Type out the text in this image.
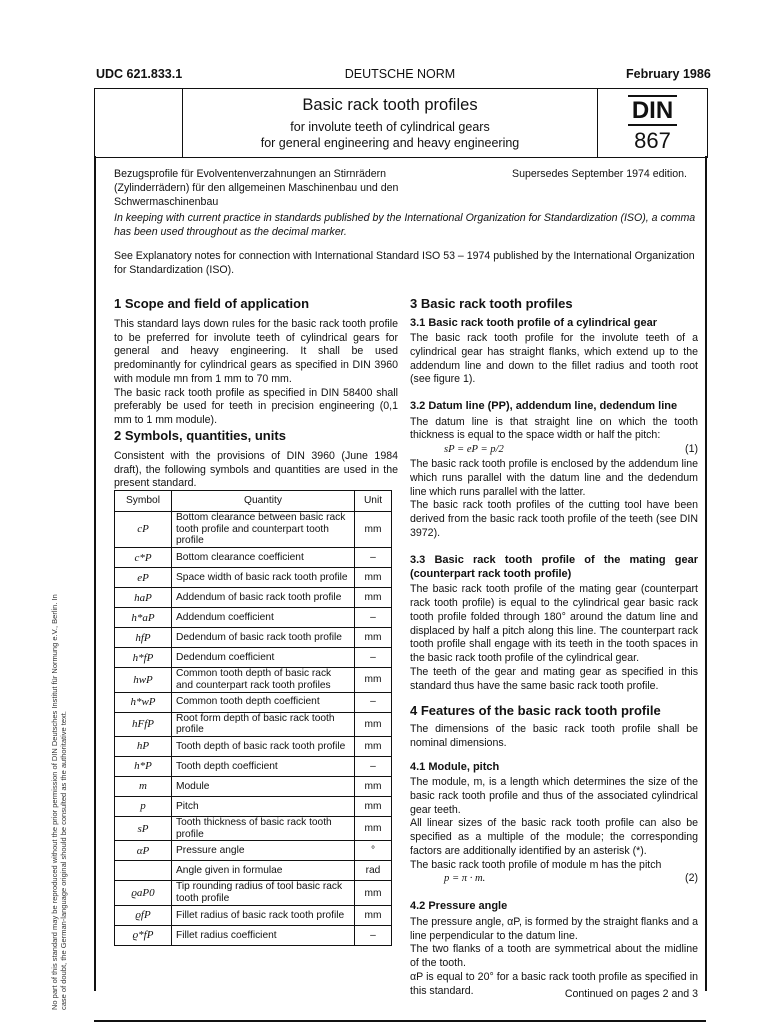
UDC 621.833.1	DEUTSCHE NORM	February 1986
Basic rack tooth profiles
for involute teeth of cylindrical gears
for general engineering and heavy engineering
DIN
867
No part of this standard may be reproduced without the prior permission of DIN Deutsches Institut für Normung e.V., Berlin. In case of doubt, the German-language original should be consulted as the authoritative text.
Bezugsprofile für Evolventenverzahnungen an Stirnrädern (Zylinderrädern) für den allgemeinen Maschinenbau und den Schwermaschinenbau
Supersedes September 1974 edition.
In keeping with current practice in standards published by the International Organization for Standardization (ISO), a comma has been used throughout as the decimal marker.
See Explanatory notes for connection with International Standard ISO 53 – 1974 published by the International Organization for Standardization (ISO).
1 Scope and field of application
This standard lays down rules for the basic rack tooth profile to be preferred for involute teeth of cylindrical gears for general and heavy engineering. It shall be used predominantly for cylindrical gears as specified in DIN 3960 with module mn from 1 mm to 70 mm.
The basic rack tooth profile as specified in DIN 58400 shall preferably be used for teeth in precision engineering (0,1 mm to 1 mm module).
2 Symbols, quantities, units
Consistent with the provisions of DIN 3960 (June 1984 draft), the following symbols and quantities are used in the present standard.
Symbol	Quantity	Unit
cP	Bottom clearance between basic rack tooth profile and counterpart tooth profile	mm
c*P	Bottom clearance coefficient	–
eP	Space width of basic rack tooth profile	mm
haP	Addendum of basic rack tooth profile	mm
h*aP	Addendum coefficient	–
hfP	Dedendum of basic rack tooth profile	mm
h*fP	Dedendum coefficient	–
hwP	Common tooth depth of basic rack and counterpart rack tooth profiles	mm
h*wP	Common tooth depth coefficient	–
hFfP	Root form depth of basic rack tooth profile	mm
hP	Tooth depth of basic rack tooth profile	mm
h*P	Tooth depth coefficient	–
m	Module	mm
p	Pitch	mm
sP	Tooth thickness of basic rack tooth profile	mm
αP	Pressure angle	°
	Angle given in formulae	rad
ϱaP0	Tip rounding radius of tool basic rack tooth profile	mm
ϱfP	Fillet radius of basic rack tooth profile	mm
ϱ*fP	Fillet radius coefficient	–
3 Basic rack tooth profiles
3.1 Basic rack tooth profile of a cylindrical gear
The basic rack tooth profile for the involute teeth of a cylindrical gear has straight flanks, which extend up to the addendum line and down to the fillet radius and tooth root (see figure 1).
3.2 Datum line (PP), addendum line, dedendum line
The datum line is that straight line on which the tooth thickness is equal to the space width or half the pitch:
sP = eP = p/2	(1)
The basic rack tooth profile is enclosed by the addendum line which runs parallel with the datum line and the dedendum line which runs parallel with the latter.
The basic rack tooth profiles of the cutting tool have been derived from the basic rack tooth profile of the teeth (see DIN 3972).
3.3 Basic rack tooth profile of the mating gear (counterpart rack tooth profile)
The basic rack tooth profile of the mating gear (counterpart rack tooth profile) is equal to the cylindrical gear basic rack tooth profile folded through 180° around the datum line and displaced by half a pitch along this line. The counterpart rack tooth profile shall engage with its teeth in the tooth spaces in the basic rack tooth profile of the cylindrical gear.
The teeth of the gear and mating gear as specified in this standard thus have the same basic rack tooth profile.
4 Features of the basic rack tooth profile
The dimensions of the basic rack tooth profile shall be nominal dimensions.
4.1 Module, pitch
The module, m, is a length which determines the size of the basic rack tooth profile and thus of the associated cylindrical gear teeth.
All linear sizes of the basic rack tooth profile can also be specified as a multiple of the module; the corresponding factors are additionally identified by an asterisk (*).
The basic rack tooth profile of module m has the pitch
p = π · m.	(2)
4.2 Pressure angle
The pressure angle, αP, is formed by the straight flanks and a line perpendicular to the datum line.
The two flanks of a tooth are symmetrical about the midline of the tooth.
αP is equal to 20° for a basic rack tooth profile as specified in this standard.	Continued on pages 2 and 3
